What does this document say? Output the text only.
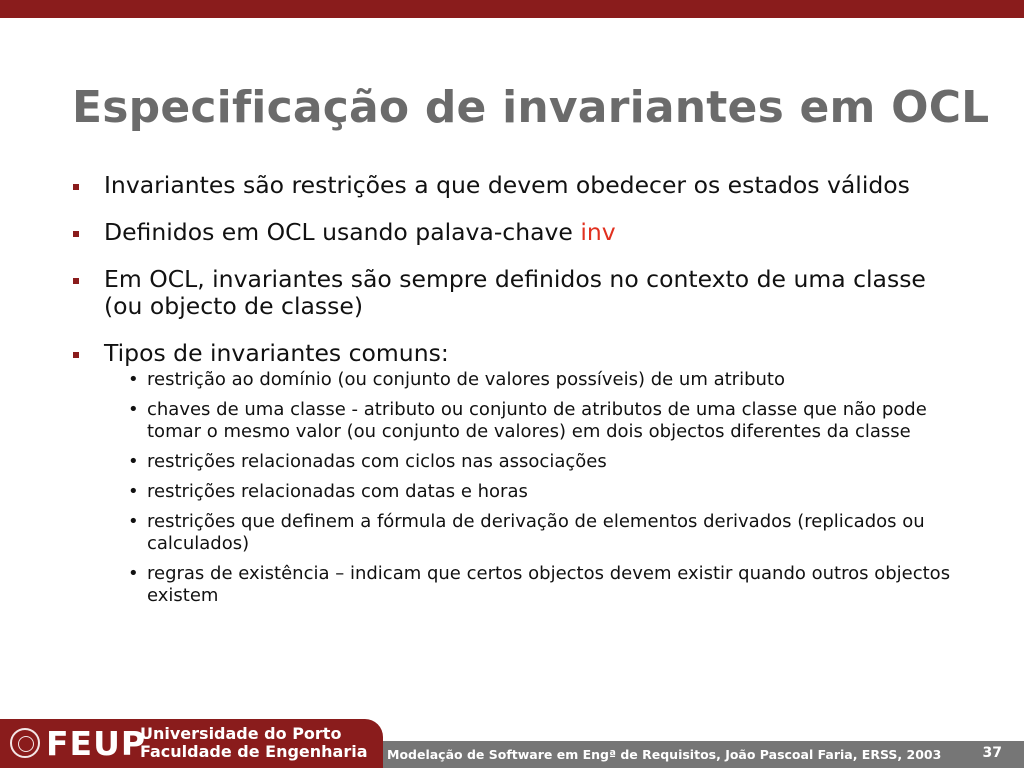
Especificação de invariantes em OCL
Invariantes são restrições a que devem obedecer os estados válidos
Definidos em OCL usando palava-chave inv
Em OCL, invariantes são sempre definidos no contexto de uma classe (ou objecto de classe)
Tipos de invariantes comuns:
• restrição ao domínio (ou conjunto de valores possíveis) de um atributo
• chaves de uma classe - atributo ou conjunto de atributos de uma classe que não pode tomar o mesmo valor (ou conjunto de valores) em dois objectos diferentes da classe
• restrições relacionadas com ciclos nas associações
• restrições relacionadas com datas e horas
• restrições que definem a fórmula de derivação de elementos derivados (replicados ou calculados)
• regras de existência – indicam que certos objectos devem existir quando outros objectos existem
FEUP
Universidade do Porto
Faculdade de Engenharia Modelação de Software em Engª de Requisitos, João Pascoal Faria, ERSS, 2003	37
